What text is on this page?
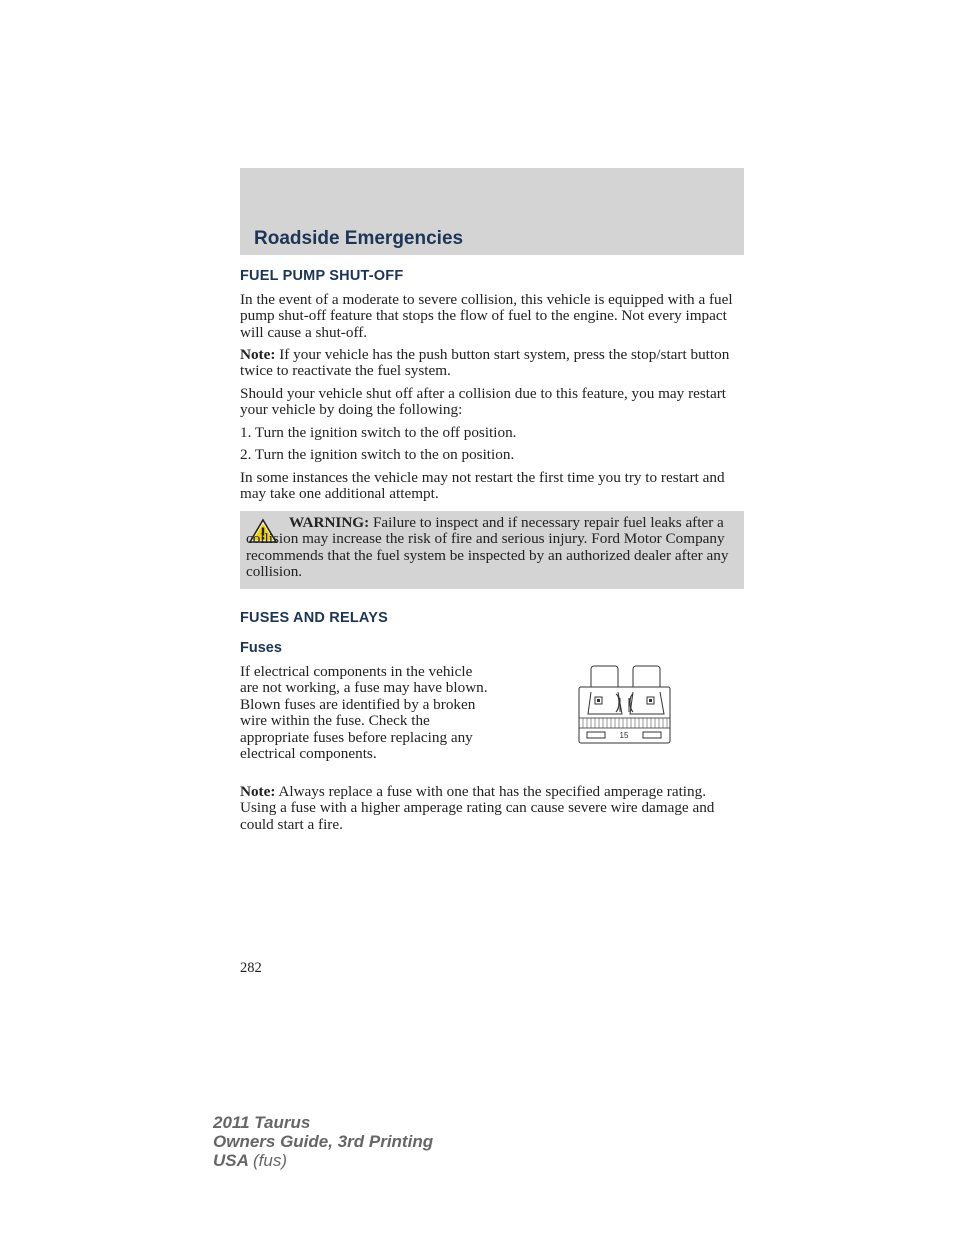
Roadside Emergencies
FUEL PUMP SHUT-OFF
In the event of a moderate to severe collision, this vehicle is equipped with a fuel pump shut-off feature that stops the flow of fuel to the engine. Not every impact will cause a shut-off.
Note: If your vehicle has the push button start system, press the stop/start button twice to reactivate the fuel system.
Should your vehicle shut off after a collision due to this feature, you may restart your vehicle by doing the following:
1. Turn the ignition switch to the off position.
2. Turn the ignition switch to the on position.
In some instances the vehicle may not restart the first time you try to restart and may take one additional attempt.
WARNING: Failure to inspect and if necessary repair fuel leaks after a collision may increase the risk of fire and serious injury. Ford Motor Company recommends that the fuel system be inspected by an authorized dealer after any collision.
FUSES AND RELAYS
Fuses
If electrical components in the vehicle are not working, a fuse may have blown. Blown fuses are identified by a broken wire within the fuse. Check the appropriate fuses before replacing any electrical components.
15
Note: Always replace a fuse with one that has the specified amperage rating. Using a fuse with a higher amperage rating can cause severe wire damage and could start a fire.
282
2011 Taurus
Owners Guide, 3rd Printing
USA (fus)
